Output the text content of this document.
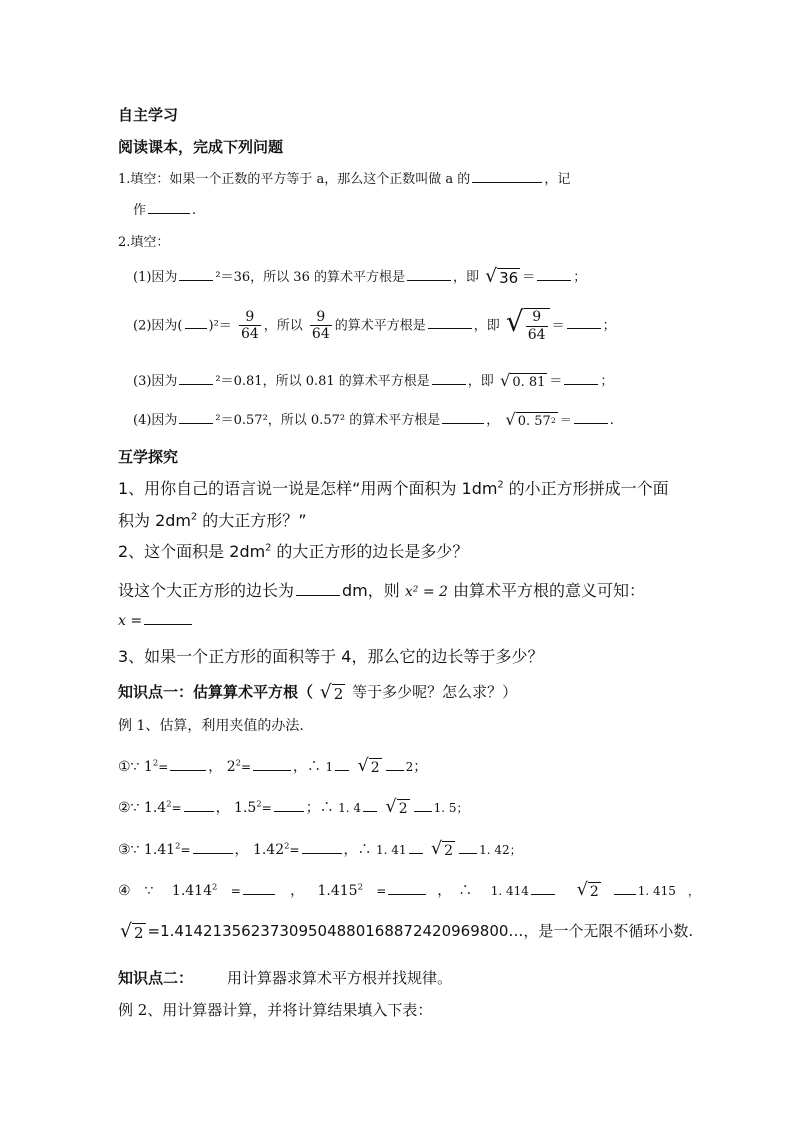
自主学习
阅读课本，完成下列问题
1.填空：如果一个正数的平方等于 a，那么这个正数叫做 a 的	，记
作	.
2.填空：
(1)因为	²＝36，所以 36 的算术平方根是	，即 √ 36 ＝	；
(2)因为( )$^2= \frac{9}{64}$ ，所以 $\frac{9}{64}$ 的算术平方根是	，即 √ $\frac{9}{64}$ ＝	；
(3)因为	²＝0.81，所以 0.81 的算术平方根是	，即 √ 0. 81 ＝	；
(4)因为	²＝0.57²，所以 0.57² 的算术平方根是	， √ 0. 57 2 ＝	.
互学探究
1、用你自己的语言说一说是怎样“用两个面积为 $1dm^2$ 的小正方形拼成一个面
积为 $2dm^2$ 的大正方形？”
2、这个面积是 $2dm^2$ 的大正方形的边长是多少？
设这个大正方形的边长为	dm，则 x² = 2 由算术平方根的意义可知：
x =
3、如果一个正方形的面积等于 4，那么它的边长等于多少？
知识点一：估算算术平方根（ √ 2 等于多少呢？怎么求？）
例 1、估算，利用夹值的办法.
①∵ $1^2=$	， $2^2=$	，∴ 1 √ 2 2；
②∵ $1.4^2=$ ， $1.5^2=$ ；∴ 1. 4 √ 2 1. 5；
③∵ $1.41^2=$	， $1.42^2=$	，∴ 1. 41 √ 2 1. 42；
④　∵　 $1.414^2$ =	， $1.415^2$ =	，　∴　 1. 414	√ 2	1. 415　，
√ 2 =1.41421356237309504880168872420969800…，是一个无限不循环小数.
知识点二： 用计算器求算术平方根并找规律。
例 2、用计算器计算，并将计算结果填入下表：
